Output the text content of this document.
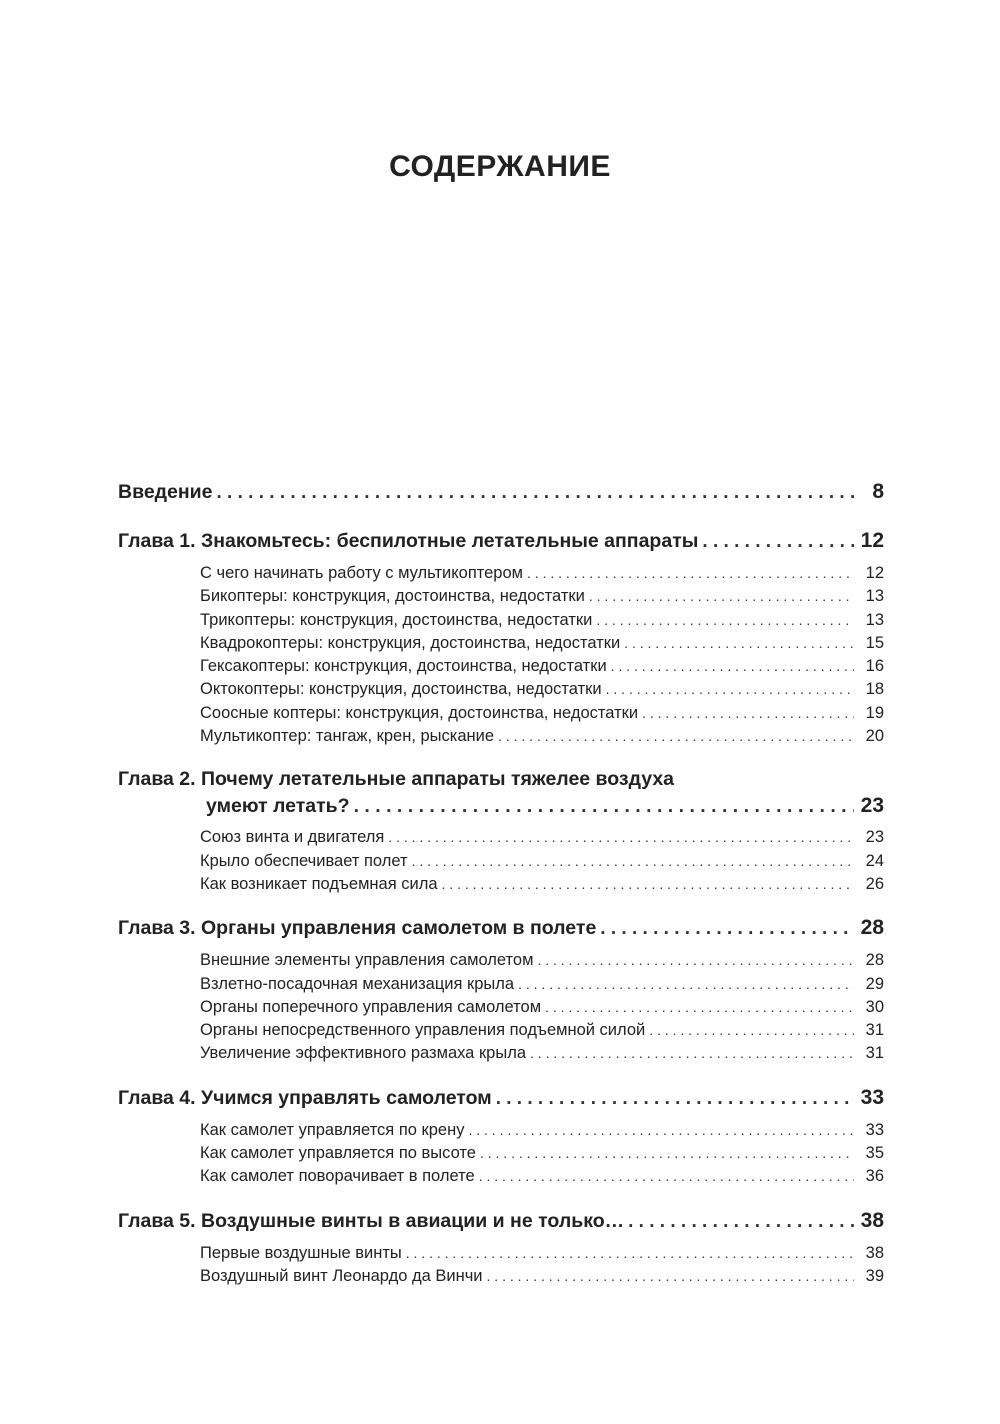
СОДЕРЖАНИЕ
Введение . . .	8
Глава 1. Знакомьтесь: беспилотные летательные аппараты . . .	12
С чего начинать работу с мультикоптером . . .	12
Бикоптеры: конструкция, достоинства, недостатки . . .	13
Трикоптеры: конструкция, достоинства, недостатки . . .	13
Квадрокоптеры: конструкция, достоинства, недостатки . . .	15
Гексакоптеры: конструкция, достоинства, недостатки . . .	16
Октокоптеры: конструкция, достоинства, недостатки . . .	18
Соосные коптеры: конструкция, достоинства, недостатки . . .	19
Мультикоптер: тангаж, крен, рыскание . . .	20
Глава 2. Почему летательные аппараты тяжелее воздуха
умеют летать? . . .	23
Союз винта и двигателя . . .	23
Крыло обеспечивает полет . . .	24
Как возникает подъемная сила . . .	26
Глава 3. Органы управления самолетом в полете . . .	28
Внешние элементы управления самолетом . . .	28
Взлетно-посадочная механизация крыла . . .	29
Органы поперечного управления самолетом . . .	30
Органы непосредственного управления подъемной силой . . .	31
Увеличение эффективного размаха крыла . . .	31
Глава 4. Учимся управлять самолетом . . .	33
Как самолет управляется по крену . . .	33
Как самолет управляется по высоте . . .	35
Как самолет поворачивает в полете . . .	36
Глава 5. Воздушные винты в авиации и не только… . . .	38
Первые воздушные винты . . .	38
Воздушный винт Леонардо да Винчи . . .	39
